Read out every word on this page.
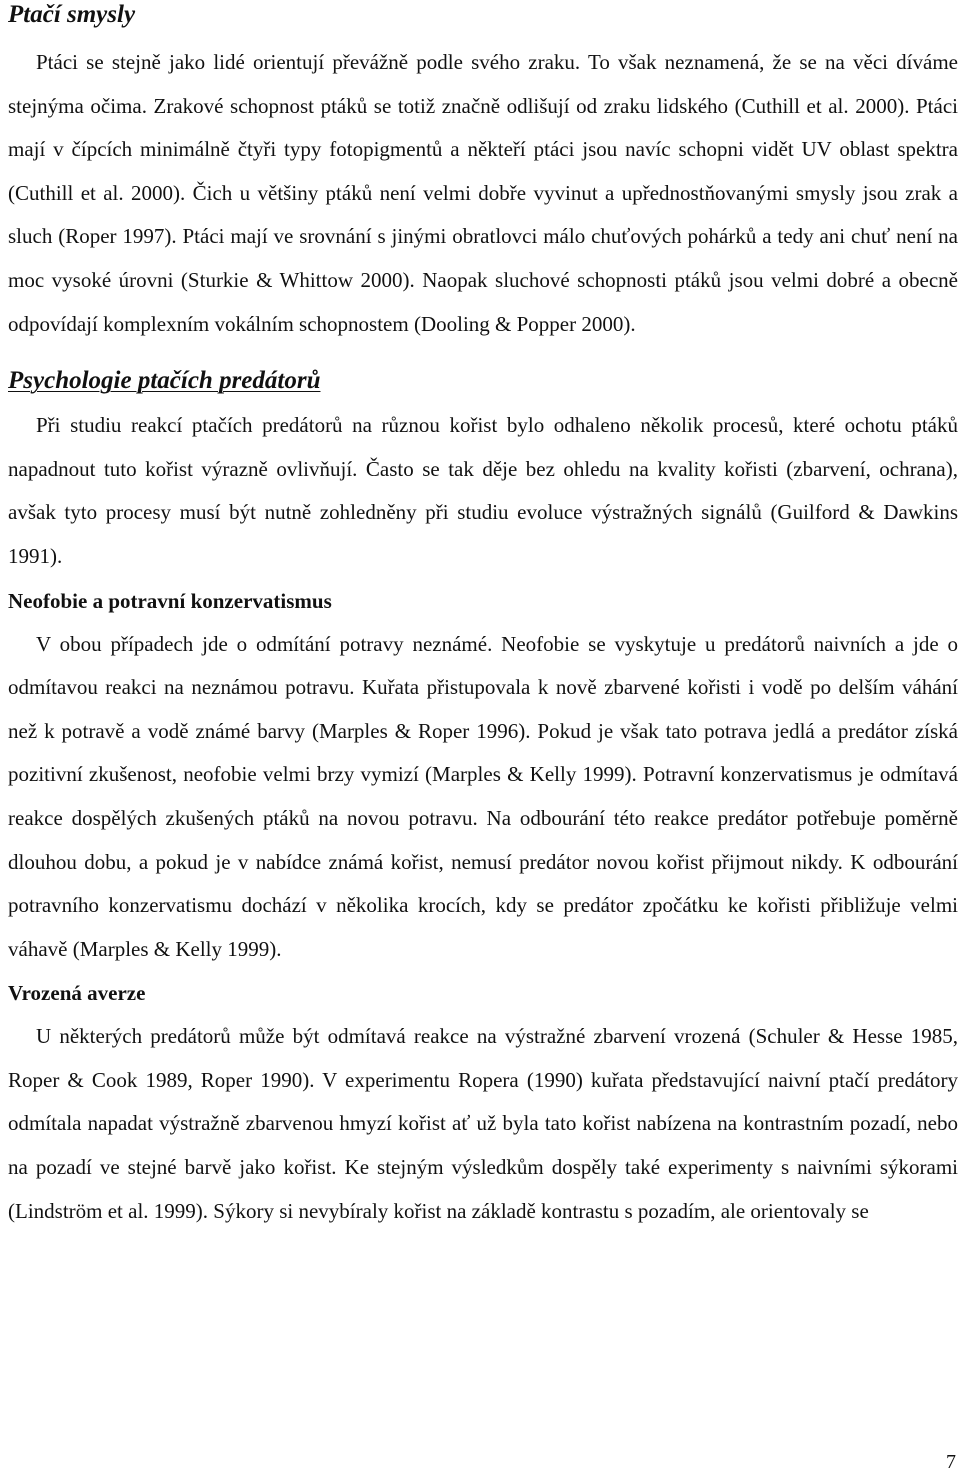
Ptačí smysly

Ptáci se stejně jako lidé orientují převážně podle svého zraku. To však neznamená, že se na věci díváme stejnýma očima. Zrakové schopnost ptáků se totiž značně odlišují od zraku lidského (Cuthill et al. 2000). Ptáci mají v čípcích minimálně čtyři typy fotopigmentů a někteří ptáci jsou navíc schopni vidět UV oblast spektra (Cuthill et al. 2000). Čich u většiny ptáků není velmi dobře vyvinut a upřednostňovanými smysly jsou zrak a sluch (Roper 1997). Ptáci mají ve srovnání s jinými obratlovci málo chuťových pohárků a tedy ani chuť není na moc vysoké úrovni (Sturkie & Whittow 2000). Naopak sluchové schopnosti ptáků jsou velmi dobré a obecně odpovídají komplexním vokálním schopnostem (Dooling & Popper 2000).

Psychologie ptačích predátorů

Při studiu reakcí ptačích predátorů na různou kořist bylo odhaleno několik procesů, které ochotu ptáků napadnout tuto kořist výrazně ovlivňují. Často se tak děje bez ohledu na kvality kořisti (zbarvení, ochrana), avšak tyto procesy musí být nutně zohledněny při studiu evoluce výstražných signálů (Guilford & Dawkins 1991).

Neofobie a potravní konzervatismus

V obou případech jde o odmítání potravy neznámé. Neofobie se vyskytuje u predátorů naivních a jde o odmítavou reakci na neznámou potravu. Kuřata přistupovala k nově zbarvené kořisti i vodě po delším váhání než k potravě a vodě známé barvy (Marples & Roper 1996). Pokud je však tato potrava jedlá a predátor získá pozitivní zkušenost, neofobie velmi brzy vymizí (Marples & Kelly 1999). Potravní konzervatismus je odmítavá reakce dospělých zkušených ptáků na novou potravu. Na odbourání této reakce predátor potřebuje poměrně dlouhou dobu, a pokud je v nabídce známá kořist, nemusí predátor novou kořist přijmout nikdy. K odbourání potravního konzervatismu dochází v několika krocích, kdy se predátor zpočátku ke kořisti přibližuje velmi váhavě (Marples & Kelly 1999).

Vrozená averze

U některých predátorů může být odmítavá reakce na výstražné zbarvení vrozená (Schuler & Hesse 1985, Roper & Cook 1989, Roper 1990). V experimentu Ropera (1990) kuřata představující naivní ptačí predátory odmítala napadat výstražně zbarvenou hmyzí kořist ať už byla tato kořist nabízena na kontrastním pozadí, nebo na pozadí ve stejné barvě jako kořist. Ke stejným výsledkům dospěly také experimenty s naivními sýkorami (Lindström et al. 1999). Sýkory si nevybíraly kořist na základě kontrastu s pozadím, ale orientovaly se

7
